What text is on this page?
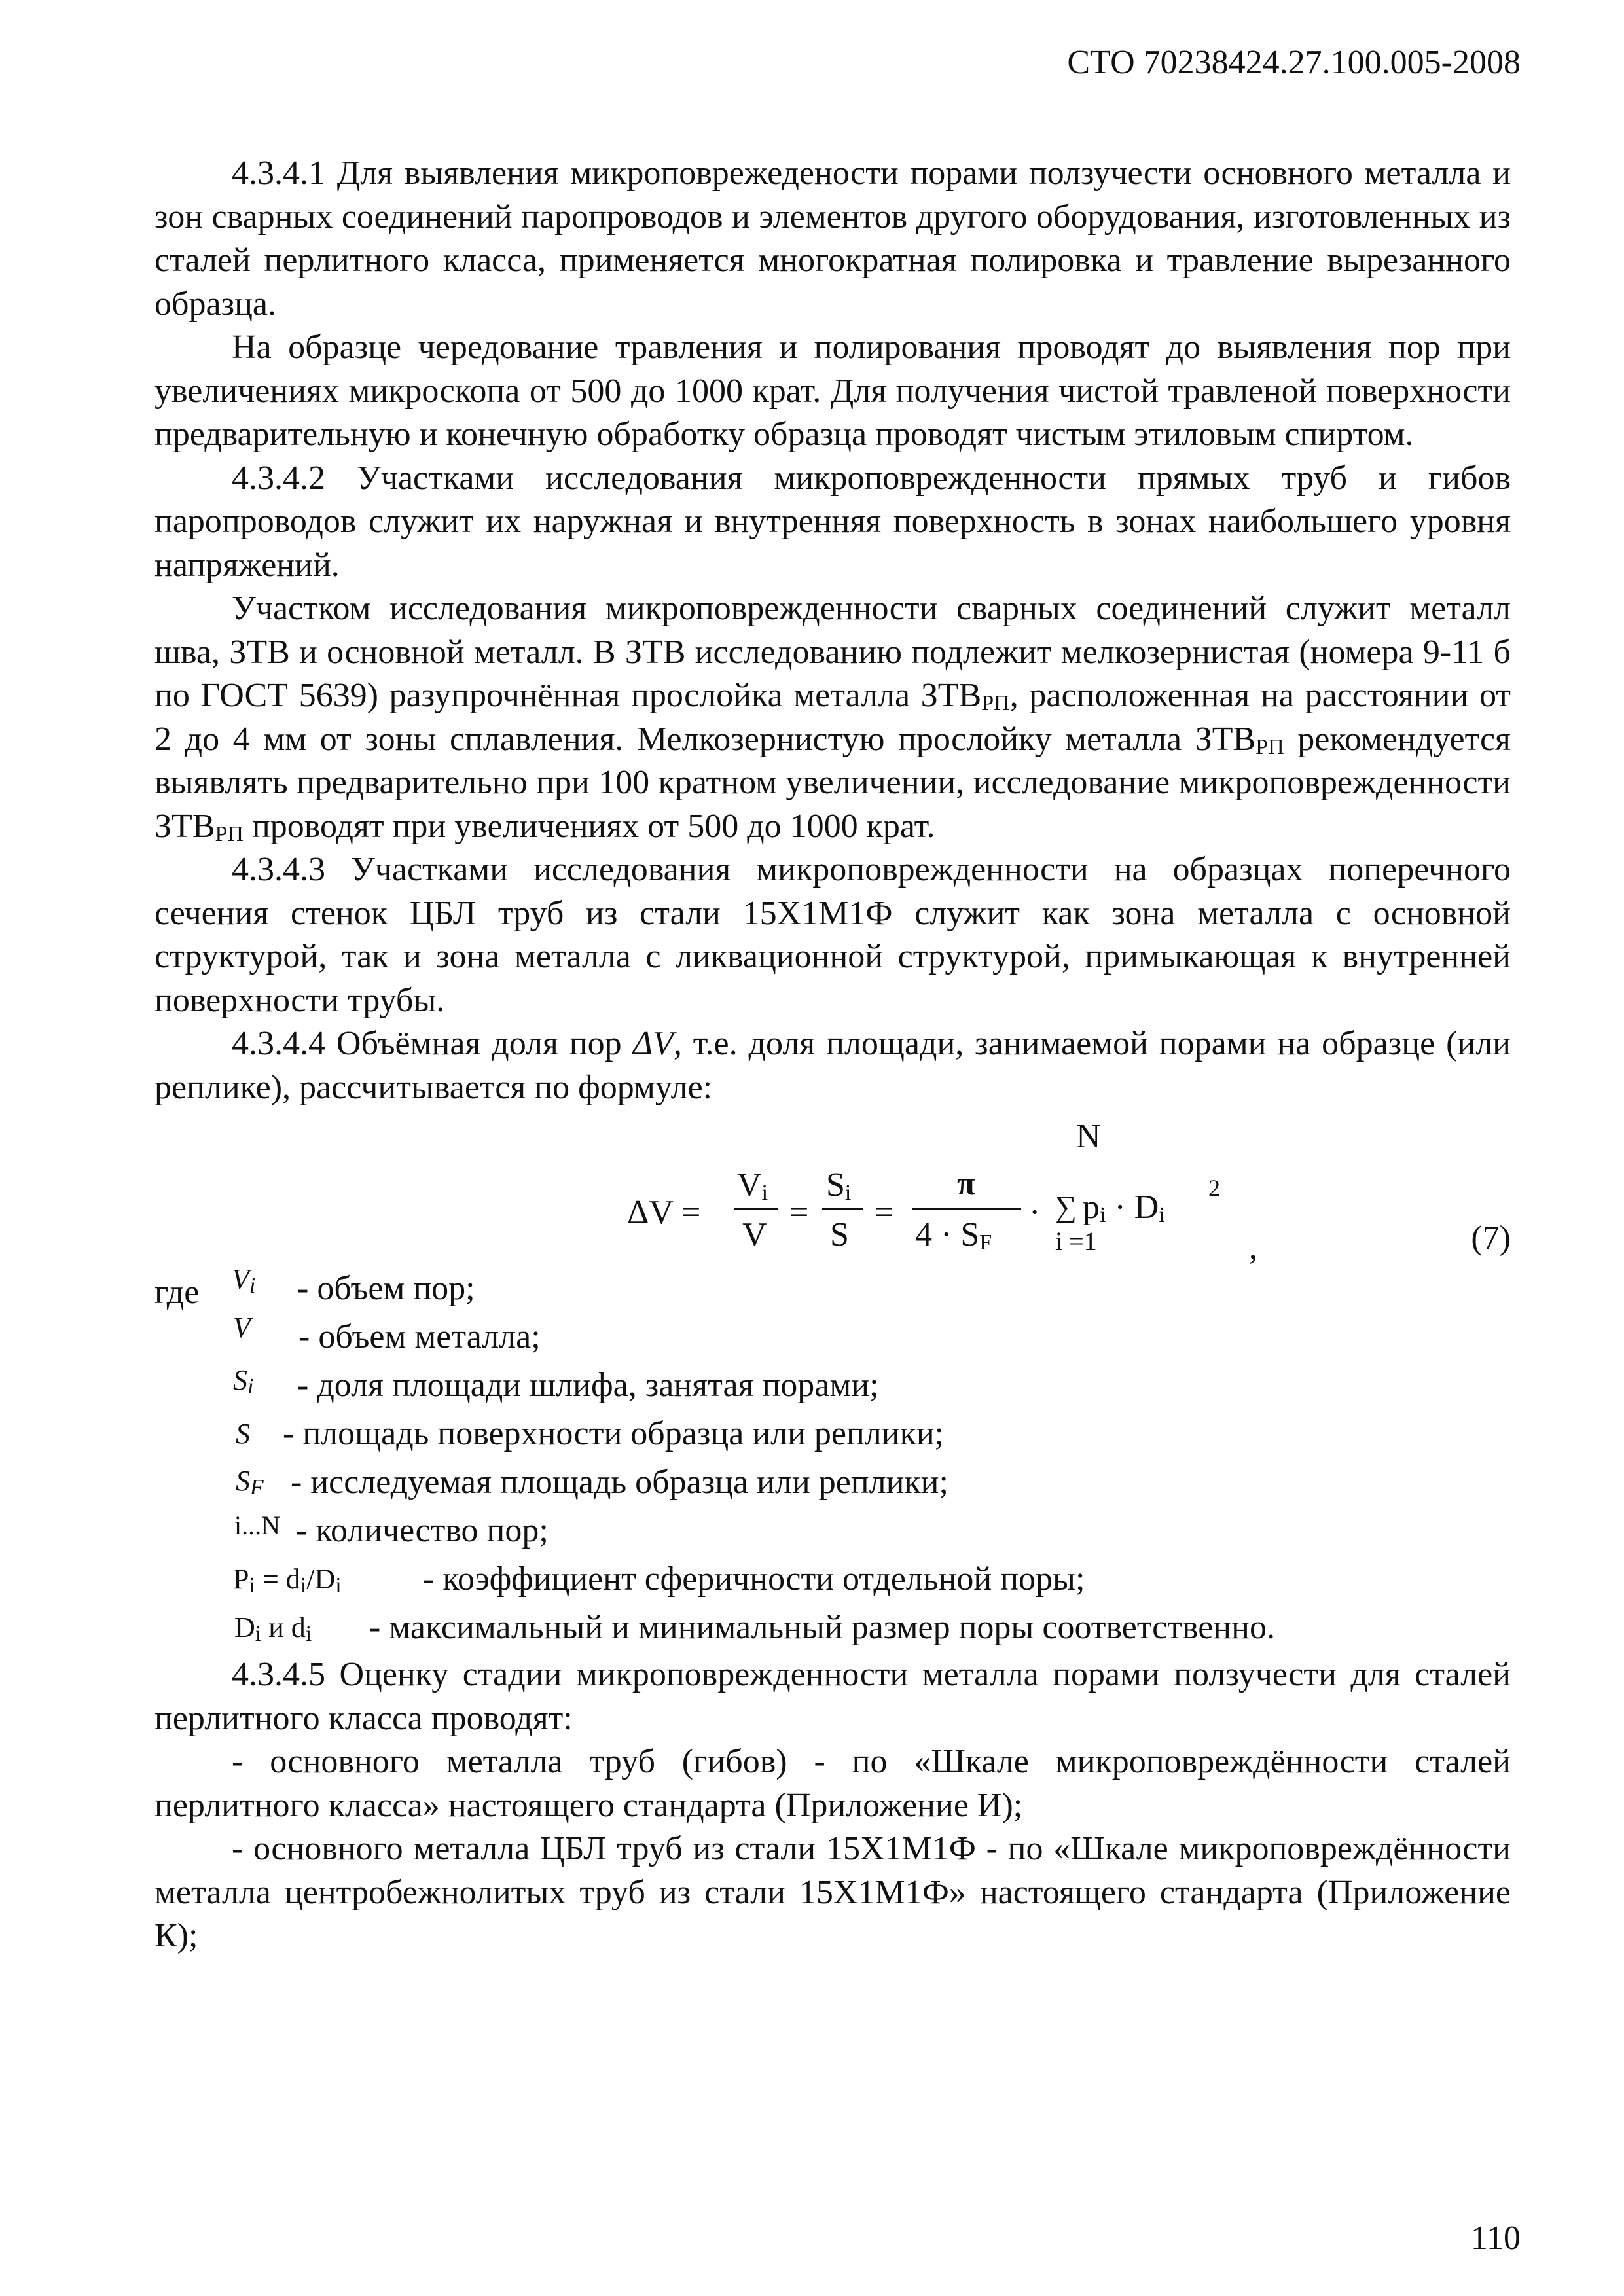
СТО 70238424.27.100.005-2008

4.3.4.1 Для выявления микроповрежедености порами ползучести основного металла и зон сварных соединений паропроводов и элементов другого оборудования, изготовленных из сталей перлитного класса, применяется многократная полировка и травление вырезанного образца.

На образце чередование травления и полирования проводят до выявления пор при увеличениях микроскопа от 500 до 1000 крат. Для получения чистой травленой поверхности предварительную и конечную обработку образца проводят чистым этиловым спиртом.

4.3.4.2 Участками исследования микроповрежденности прямых труб и гибов паропроводов служит их наружная и внутренняя поверхность в зонах наибольшего уровня напряжений.

Участком исследования микроповрежденности сварных соединений служит металл шва, ЗТВ и основной металл. В ЗТВ исследованию подлежит мелкозернистая (номера 9-11 б по ГОСТ 5639) разупрочнённая прослойка металла ЗТВРП, расположенная на расстоянии от 2 до 4 мм от зоны сплавления. Мелкозернистую прослойку металла ЗТВРП рекомендуется выявлять предварительно при 100 кратном увеличении, исследование микроповрежденности ЗТВРП проводят при увеличениях от 500 до 1000 крат.

4.3.4.3 Участками исследования микроповрежденности на образцах поперечного сечения стенок ЦБЛ труб из стали 15Х1М1Ф служит как зона металла с основной структурой, так и зона металла с ликвационной структурой, примыкающая к внутренней поверхности трубы.

4.3.4.4 Объёмная доля пор ΔV, т.е. доля площади, занимаемой порами на образце (или реплике), рассчитывается по формуле:

ΔV =
Vi
V
=
Si
S
=
π
4 · SF
·
N
∑
i =1
pi · Di
2
,	(7)
где Vi - объем пор;
V - объем металла;
Si - доля площади шлифа, занятая порами;
S - площадь поверхности образца или реплики;
SF - исследуемая площадь образца или реплики;
i...N - количество пор;
Pi = di/Di - коэффициент сферичности отдельной поры;
Di и di - максимальный и минимальный размер поры соответственно.

4.3.4.5 Оценку стадии микроповрежденности металла порами ползучести для сталей перлитного класса проводят:

- основного металла труб (гибов) - по «Шкале микроповреждённости сталей перлитного класса» настоящего стандарта (Приложение И);

- основного металла ЦБЛ труб из стали 15Х1М1Ф - по «Шкале микроповреждённости металла центробежнолитых труб из стали 15Х1М1Ф» настоящего стандарта (Приложение К);

110
